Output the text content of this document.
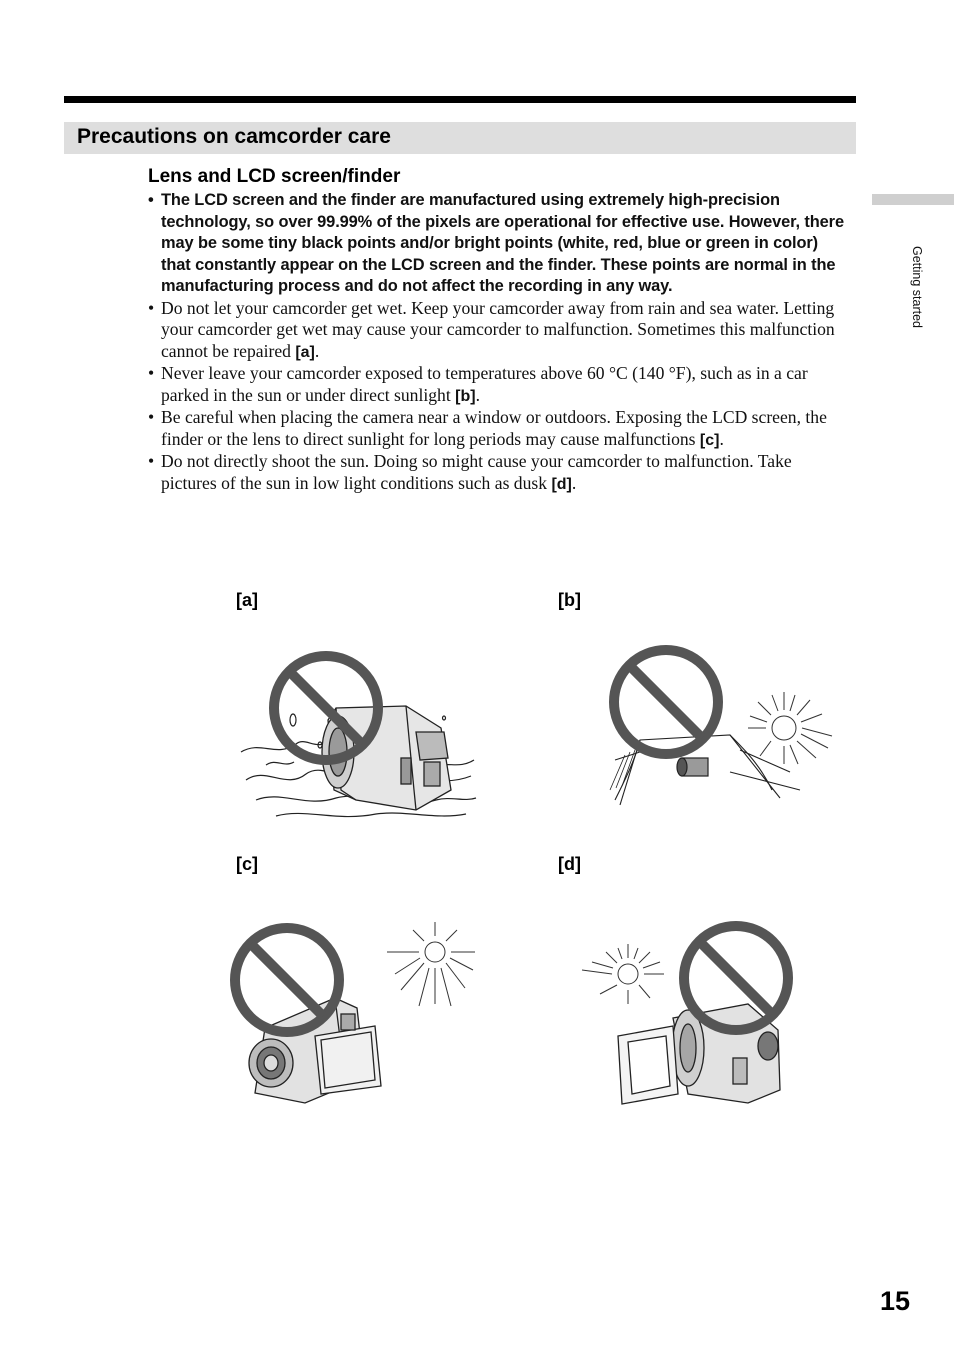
Precautions on camcorder care
Getting started
Lens and LCD screen/finder
• The LCD screen and the finder are manufactured using extremely high-precision technology, so over 99.99% of the pixels are operational for effective use. However, there may be some tiny black points and/or bright points (white, red, blue or green in color) that constantly appear on the LCD screen and the finder. These points are normal in the manufacturing process and do not affect the recording in any way.
• Do not let your camcorder get wet. Keep your camcorder away from rain and sea water. Letting your camcorder get wet may cause your camcorder to malfunction. Sometimes this malfunction cannot be repaired [a].
• Never leave your camcorder exposed to temperatures above 60 °C (140 °F), such as in a car parked in the sun or under direct sunlight [b].
• Be careful when placing the camera near a window or outdoors. Exposing the LCD screen, the finder or the lens to direct sunlight for long periods may cause malfunctions [c].
• Do not directly shoot the sun. Doing so might cause your camcorder to malfunction. Take pictures of the sun in low light conditions such as dusk [d].
[a]	[b]
[c]	[d]
15
